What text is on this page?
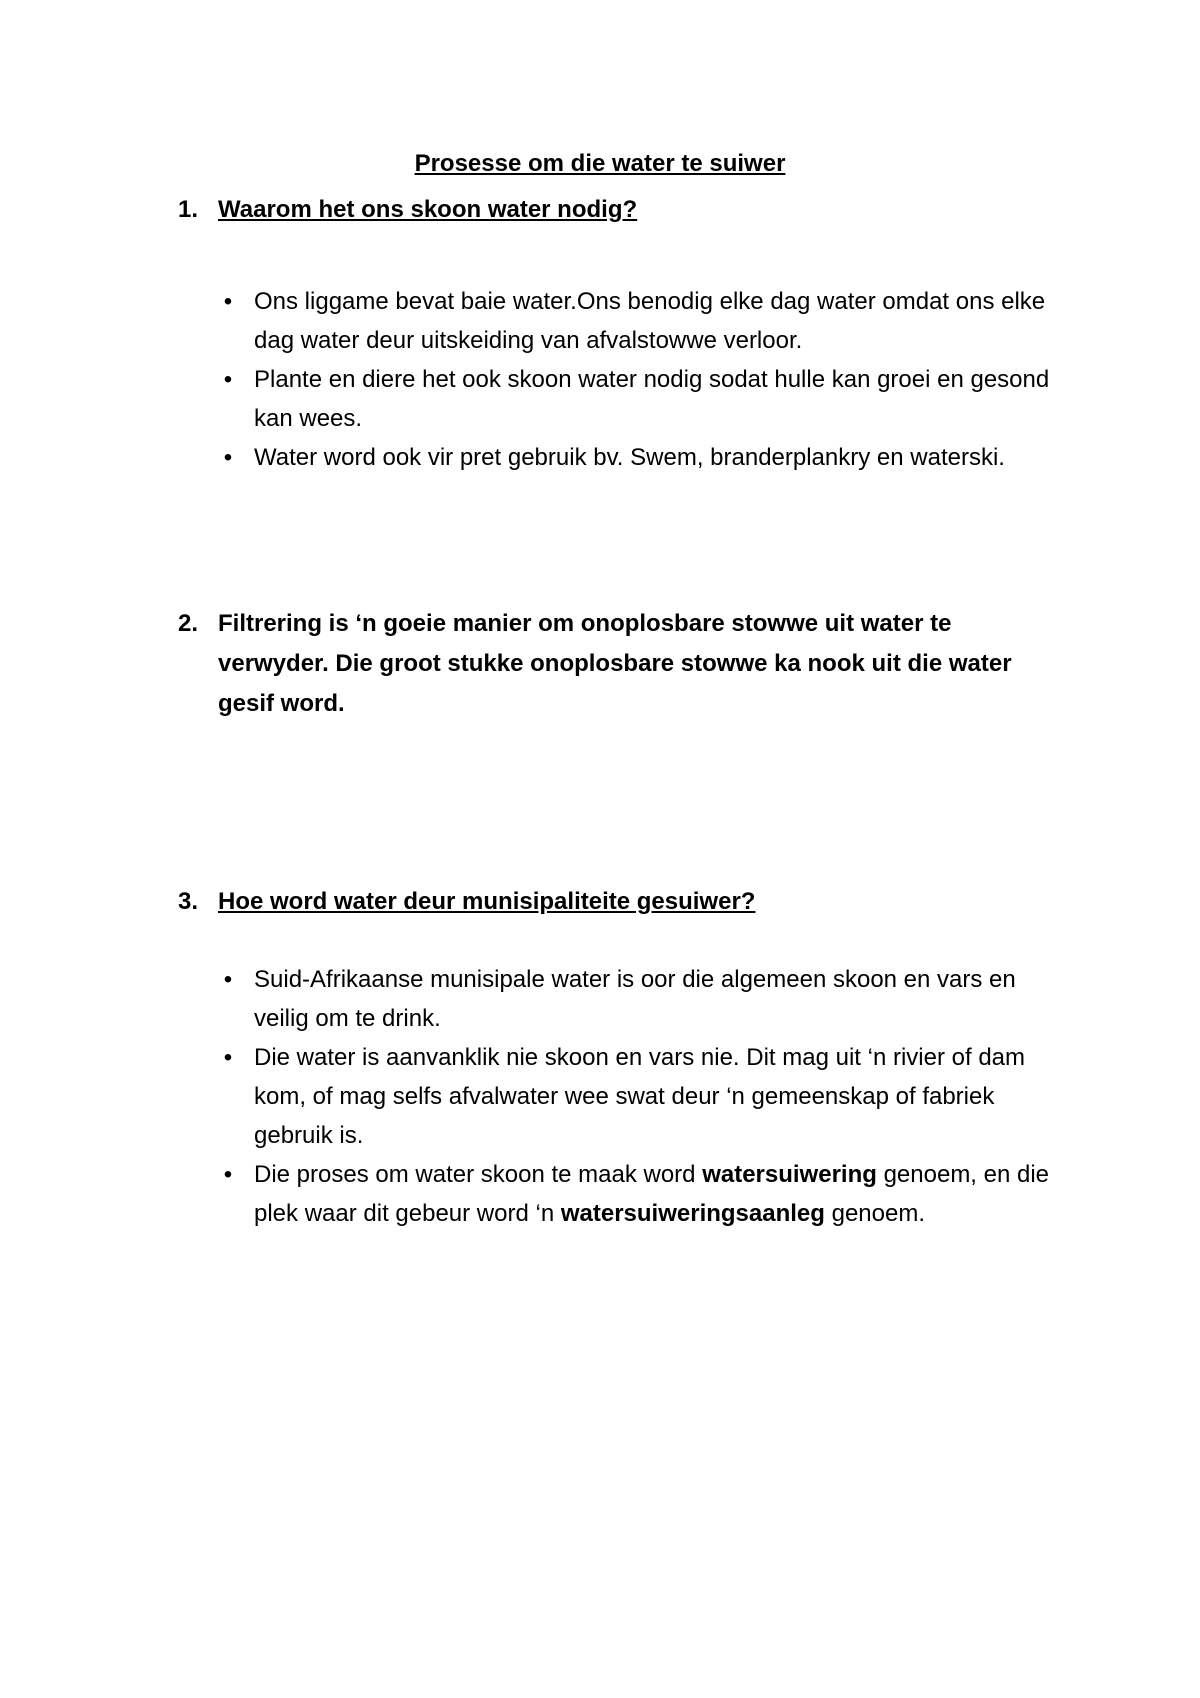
Prosesse om die water te suiwer
1. Waarom het ons skoon water nodig?
• Ons liggame bevat baie water.Ons benodig elke dag water omdat ons elke dag water deur uitskeiding van afvalstowwe verloor.
• Plante en diere het ook skoon water nodig sodat hulle kan groei en gesond kan wees.
• Water word ook vir pret gebruik bv. Swem, branderplankry en waterski.
2. Filtrering is ‘n goeie manier om onoplosbare stowwe uit water te verwyder. Die groot stukke onoplosbare stowwe ka nook uit die water gesif word.
3. Hoe word water deur munisipaliteite gesuiwer?
• Suid-Afrikaanse munisipale water is oor die algemeen skoon en vars en veilig om te drink.
• Die water is aanvanklik nie skoon en vars nie. Dit mag uit ‘n rivier of dam kom, of mag selfs afvalwater wee swat deur ‘n gemeenskap of fabriek gebruik is.
• Die proses om water skoon te maak word watersuiwering genoem, en die plek waar dit gebeur word ‘n watersuiweringsaanleg genoem.
